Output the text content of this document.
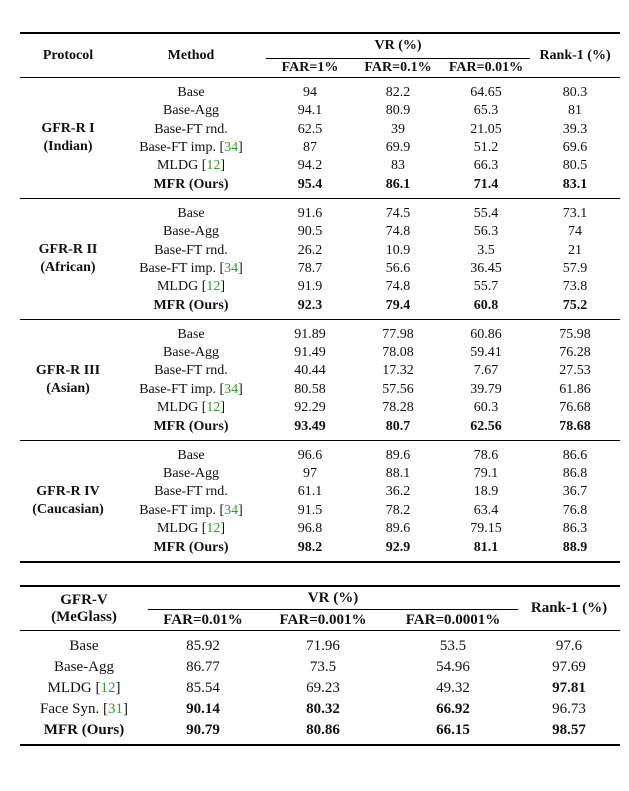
Protocol	Method	VR (%)			Rank-1 (%)
		FAR=1%	FAR=0.1%	FAR=0.01%	

GFR-R I
(Indian)	Base	94	82.2	64.65	80.3
	Base-Agg	94.1	80.9	65.3	81
	Base-FT rnd.	62.5	39	21.05	39.3
	Base-FT imp. [34]	87	69.9	51.2	69.6
	MLDG [12]	94.2	83	66.3	80.5
	MFR (Ours)	95.4	86.1	71.4	83.1

GFR-R II
(African)	Base	91.6	74.5	55.4	73.1
	Base-Agg	90.5	74.8	56.3	74
	Base-FT rnd.	26.2	10.9	3.5	21
	Base-FT imp. [34]	78.7	56.6	36.45	57.9
	MLDG [12]	91.9	74.8	55.7	73.8
	MFR (Ours)	92.3	79.4	60.8	75.2

GFR-R III
(Asian)	Base	91.89	77.98	60.86	75.98
	Base-Agg	91.49	78.08	59.41	76.28
	Base-FT rnd.	40.44	17.32	7.67	27.53
	Base-FT imp. [34]	80.58	57.56	39.79	61.86
	MLDG [12]	92.29	78.28	60.3	76.68
	MFR (Ours)	93.49	80.7	62.56	78.68

GFR-R IV
(Caucasian)	Base	96.6	89.6	78.6	86.6
	Base-Agg	97	88.1	79.1	86.8
	Base-FT rnd.	61.1	36.2	18.9	36.7
	Base-FT imp. [34]	91.5	78.2	63.4	76.8
	MLDG [12]	96.8	89.6	79.15	86.3
	MFR (Ours)	98.2	92.9	81.1	88.9
GFR-V
(MeGlass)	VR (%)			Rank-1 (%)
	FAR=0.01%	FAR=0.001%	FAR=0.0001%	
Base	85.92	71.96	53.5	97.6
Base-Agg	86.77	73.5	54.96	97.69
MLDG [12]	85.54	69.23	49.32	97.81
Face Syn. [31]	90.14	80.32	66.92	96.73
MFR (Ours)	90.79	80.86	66.15	98.57
